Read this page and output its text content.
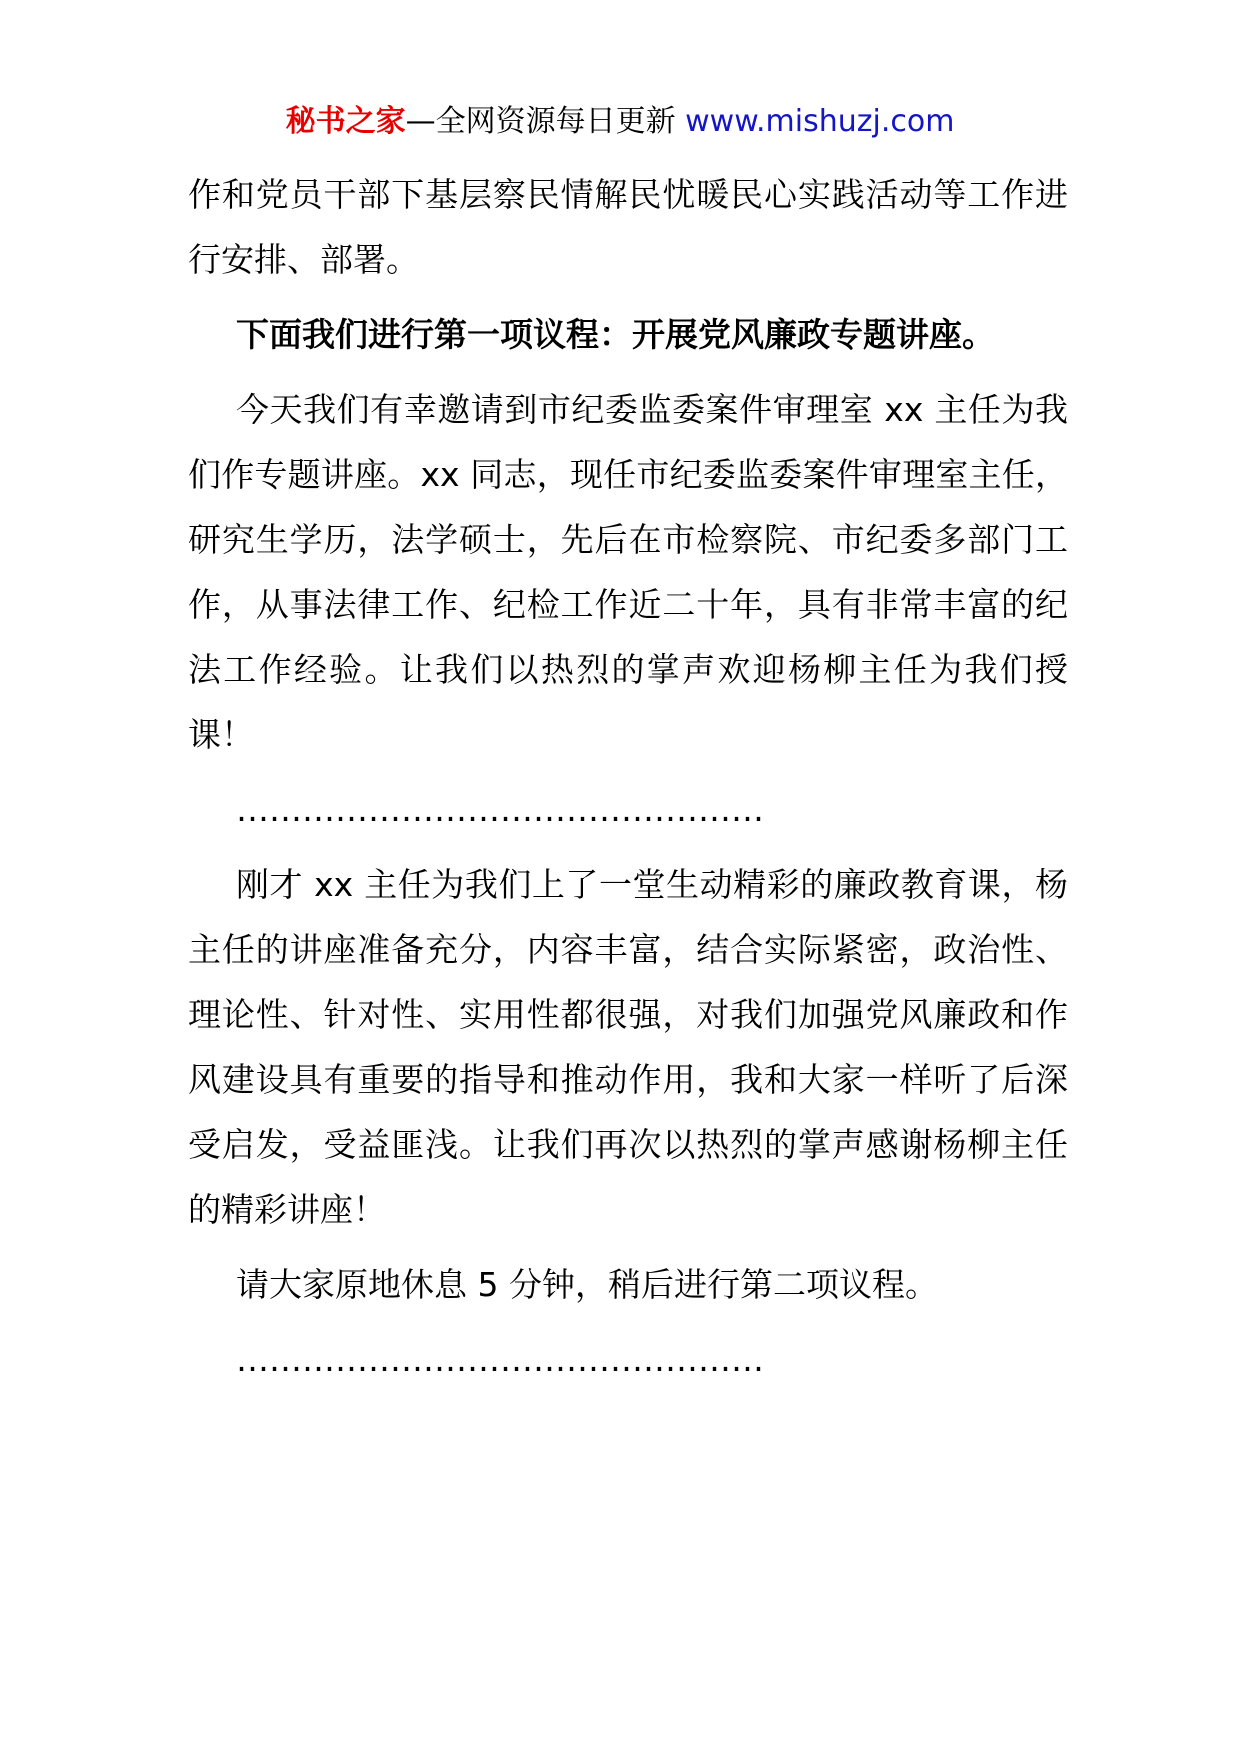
秘书之家—全网资源每日更新 www.mishuzj.com

作和党员干部下基层察民情解民忧暖民心实践活动等工作进行安排、部署。

下面我们进行第一项议程：开展党风廉政专题讲座。

今天我们有幸邀请到市纪委监委案件审理室 xx 主任为我们作专题讲座。xx 同志，现任市纪委监委案件审理室主任，研究生学历，法学硕士，先后在市检察院、市纪委多部门工作，从事法律工作、纪检工作近二十年，具有非常丰富的纪法工作经验。让我们以热烈的掌声欢迎杨柳主任为我们授课！

…………………………………………

刚才 xx 主任为我们上了一堂生动精彩的廉政教育课，杨主任的讲座准备充分，内容丰富，结合实际紧密，政治性、理论性、针对性、实用性都很强，对我们加强党风廉政和作风建设具有重要的指导和推动作用，我和大家一样听了后深受启发，受益匪浅。让我们再次以热烈的掌声感谢杨柳主任的精彩讲座！

请大家原地休息 5 分钟，稍后进行第二项议程。

…………………………………………
